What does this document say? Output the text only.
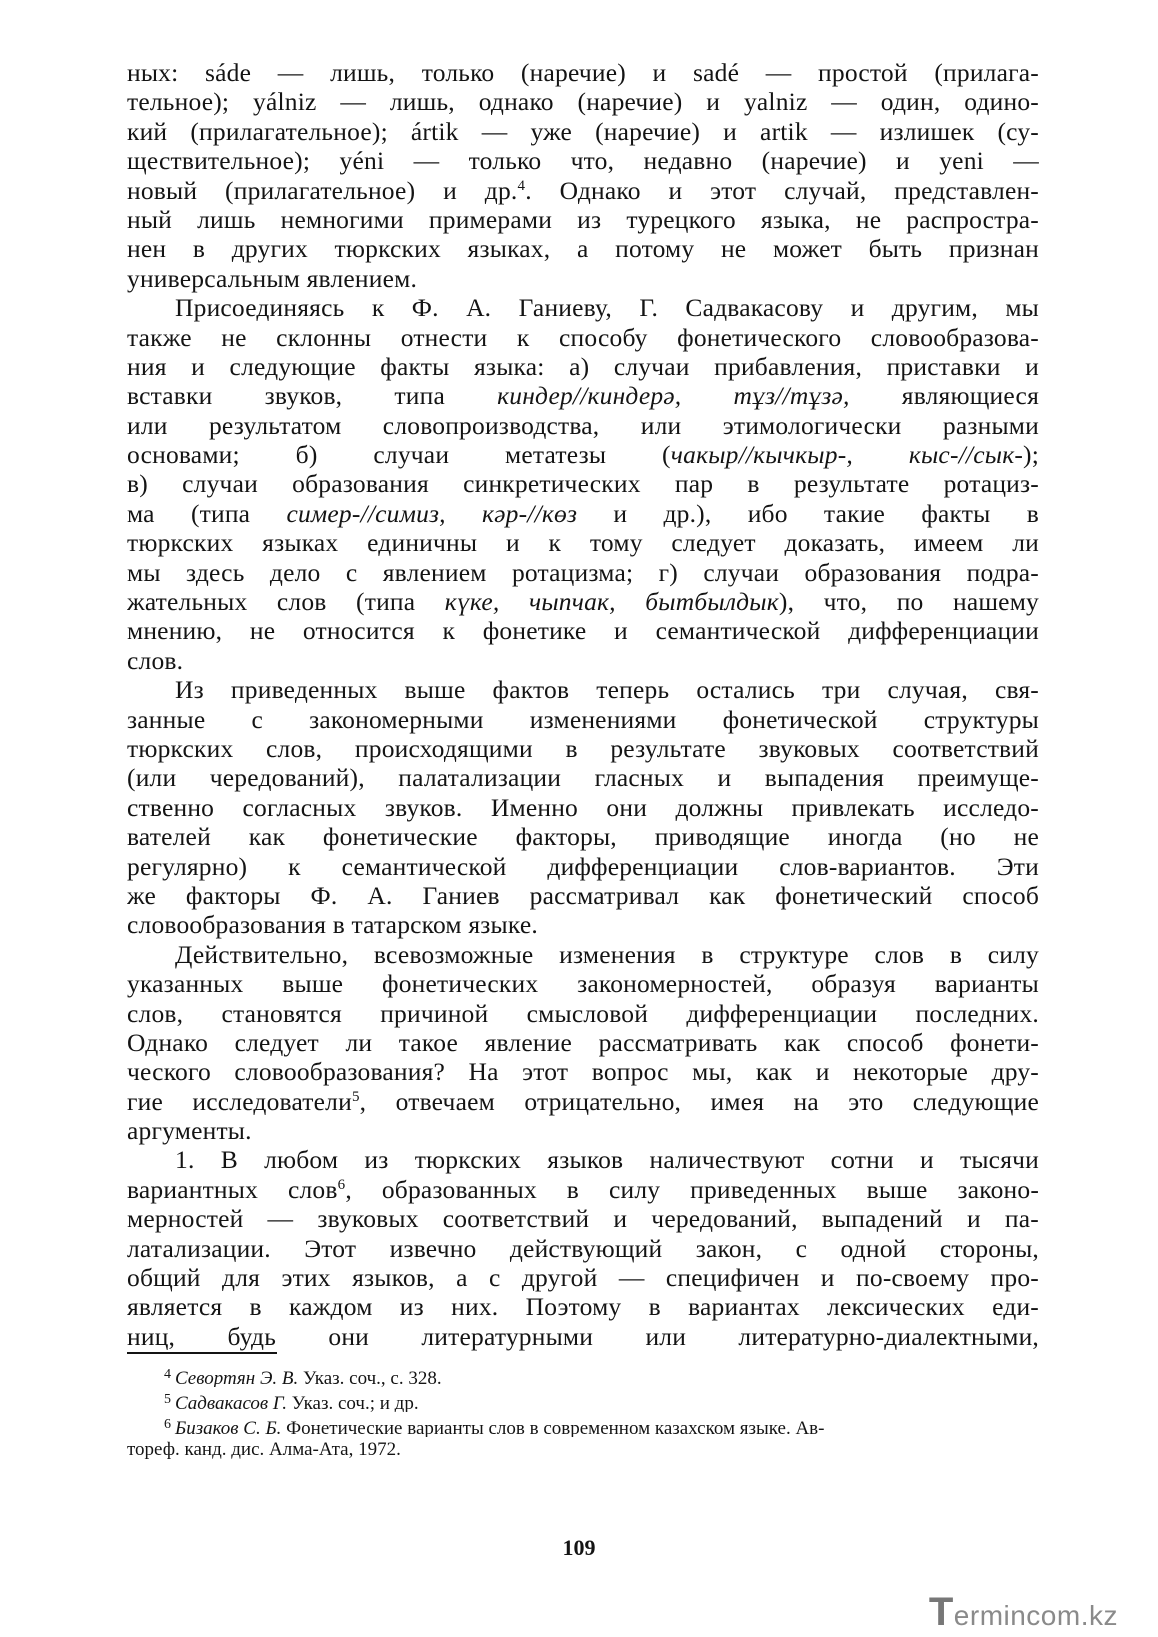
ных: sáde — лишь, только (наречие) и sadé — простой (прилага-
тельное); yálniz — лишь, однако (наречие) и yalniz — один, одино-
кий (прилагательное); ártik — уже (наречие) и artik — излишек (су-
ществительное); yéni — только что, недавно (наречие) и yeni —
новый (прилагательное) и др.$^4$. Однако и этот случай, представлен-
ный лишь немногими примерами из турецкого языка, не распростра-
нен в других тюркских языках, а потому не может быть признан
универсальным явлением.
Присоединяясь к Ф. А. Ганиеву, Г. Садвакасову и другим, мы
также не склонны отнести к способу фонетического словообразова-
ния и следующие факты языка: а) случаи прибавления, приставки и
вставки звуков, типа киндер//киндерә, тұз//тұзә, являющиеся
или результатом словопроизводства, или этимологически разными
основами; б) случаи метатезы (чакыр//кычкыр-, кыс-//сык-);
в) случаи образования синкретических пар в результате ротациз-
ма (типа симер-//симиз, кәр-//көз и др.), ибо такие факты в
тюркских языках единичны и к тому следует доказать, имеем ли
мы здесь дело с явлением ротацизма; г) случаи образования подра-
жательных слов (типа күке, чыпчак, бытбылдык), что, по нашему
мнению, не относится к фонетике и семантической дифференциации
слов.
Из приведенных выше фактов теперь остались три случая, свя-
занные с закономерными изменениями фонетической структуры
тюркских слов, происходящими в результате звуковых соответствий
(или чередований), палатализации гласных и выпадения преимуще-
ственно согласных звуков. Именно они должны привлекать исследо-
вателей как фонетические факторы, приводящие иногда (но не
регулярно) к семантической дифференциации слов-вариантов. Эти
же факторы Ф. А. Ганиев рассматривал как фонетический способ
словообразования в татарском языке.
Действительно, всевозможные изменения в структуре слов в силу
указанных выше фонетических закономерностей, образуя варианты
слов, становятся причиной смысловой дифференциации последних.
Однако следует ли такое явление рассматривать как способ фонети-
ческого словообразования? На этот вопрос мы, как и некоторые дру-
гие исследователи$^5$, отвечаем отрицательно, имея на это следующие
аргументы.
1. В любом из тюркских языков наличествуют сотни и тысячи
вариантных слов$^6$, образованных в силу приведенных выше законо-
мерностей — звуковых соответствий и чередований, выпадений и па-
латализации. Этот извечно действующий закон, с одной стороны,
общий для этих языков, а с другой — специфичен и по-своему про-
является в каждом из них. Поэтому в вариантах лексических еди-
ниц, будь они литературными или литературно-диалектными,
4 Севортян Э. В. Указ. соч., с. 328.
5 Садвакасов Г. Указ. соч.; и др.
6 Бизаков С. Б. Фонетические варианты слов в современном казахском языке. Ав-
тореф. канд. дис. Алма-Ата, 1972.
109
Termincom.kz
